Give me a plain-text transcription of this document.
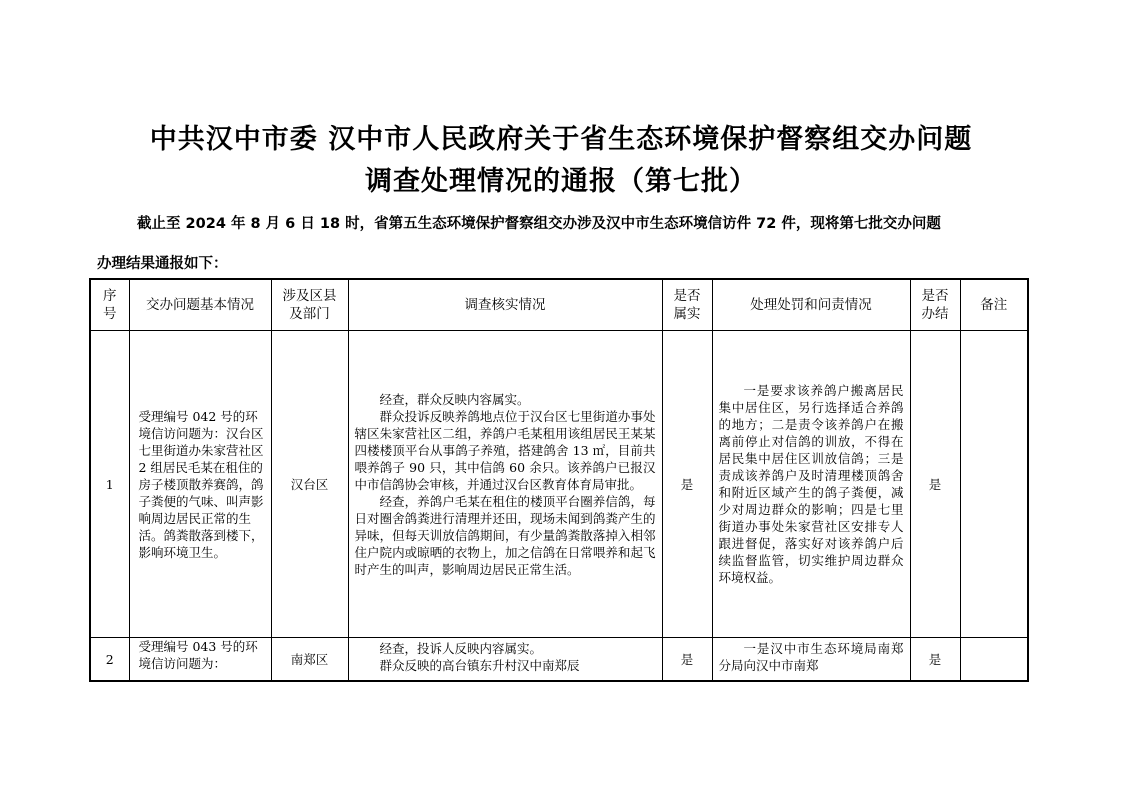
中共汉中市委 汉中市人民政府关于省生态环境保护督察组交办问题
调查处理情况的通报（第七批）
截止至 2024 年 8 月 6 日 18 时，省第五生态环境保护督察组交办涉及汉中市生态环境信访件 72 件，现将第七批交办问题
办理结果通报如下：
序号	交办问题基本情况	涉及区县及部门	调查核实情况	是否属实	处理处罚和问责情况	是否办结	备注
1	受理编号 042 号的环境信访问题为：汉台区七里街道办朱家营社区 2 组居民毛某在租住的房子楼顶散养赛鸽，鸽子粪便的气味、叫声影响周边居民正常的生活。鸽粪散落到楼下，影响环境卫生。	汉台区	经查，群众反映内容属实。

群众投诉反映养鸽地点位于汉台区七里街道办事处辖区朱家营社区二组，养鸽户毛某租用该组居民王某某四楼楼顶平台从事鸽子养殖，搭建鸽舍 13 ㎡，目前共喂养鸽子 90 只，其中信鸽 60 余只。该养鸽户已报汉中市信鸽协会审核，并通过汉台区教育体育局审批。

经查，养鸽户毛某在租住的楼顶平台圈养信鸽，每日对圈舍鸽粪进行清理并还田，现场未闻到鸽粪产生的异味，但每天训放信鸽期间，有少量鸽粪散落掉入相邻住户院内或晾晒的衣物上，加之信鸽在日常喂养和起飞时产生的叫声，影响周边居民正常生活。	是	一是要求该养鸽户搬离居民集中居住区，另行选择适合养鸽的地方；二是责令该养鸽户在搬离前停止对信鸽的训放，不得在居民集中居住区训放信鸽；三是责成该养鸽户及时清理楼顶鸽舍和附近区域产生的鸽子粪便，减少对周边群众的影响；四是七里街道办事处朱家营社区安排专人跟进督促，落实好对该养鸽户后续监督监管，切实维护周边群众环境权益。	是	
2	受理编号 043 号的环境信访问题为：	南郑区	经查，投诉人反映内容属实。

群众反映的高台镇东升村汉中南郑辰	是	一是汉中市生态环境局南郑分局向汉中市南郑	是	
